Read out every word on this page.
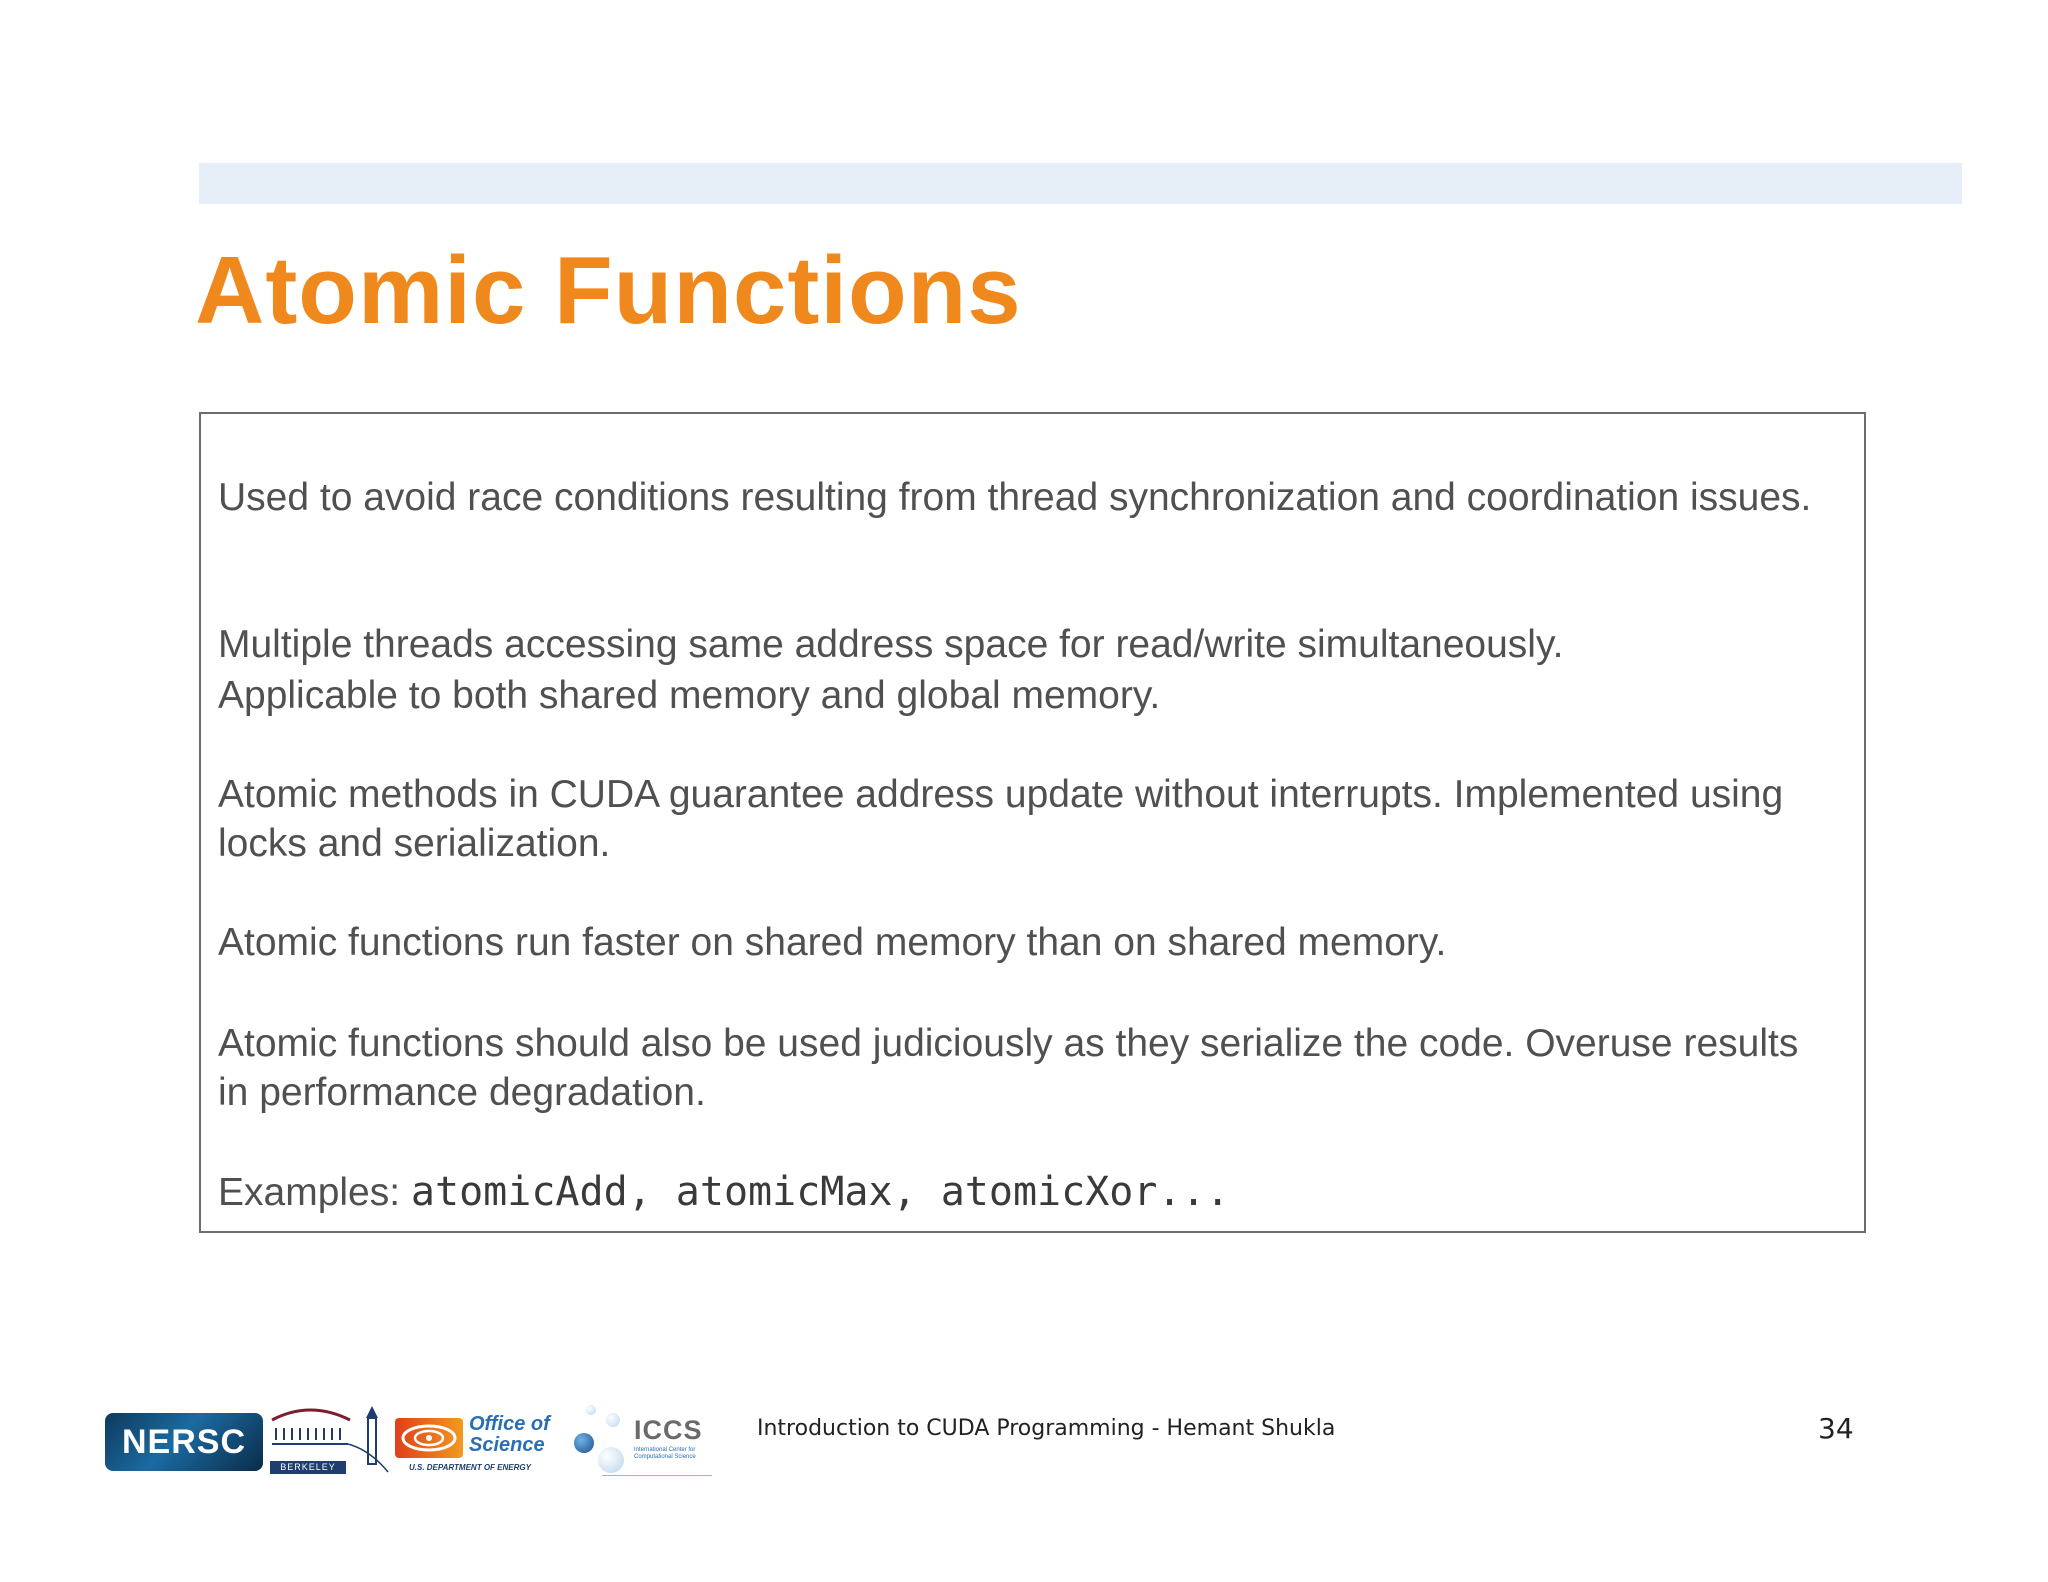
Atomic Functions

Used to avoid race conditions resulting from thread synchronization and coordination issues.

Multiple threads accessing same address space for read/write simultaneously.

Applicable to both shared memory and global memory.

Atomic methods in CUDA guarantee address update without interrupts. Implemented using locks and serialization.

Atomic functions run faster on shared memory than on shared memory.

Atomic functions should also be used judiciously as they serialize the code. Overuse results in performance degradation.

Examples: atomicAdd, atomicMax, atomicXor...

NERSC
BERKELEY LAB
Office of
Science
U.S. DEPARTMENT OF ENERGY
ICCS
International Center for Computational Science
Introduction to CUDA Programming - Hemant Shukla	34
